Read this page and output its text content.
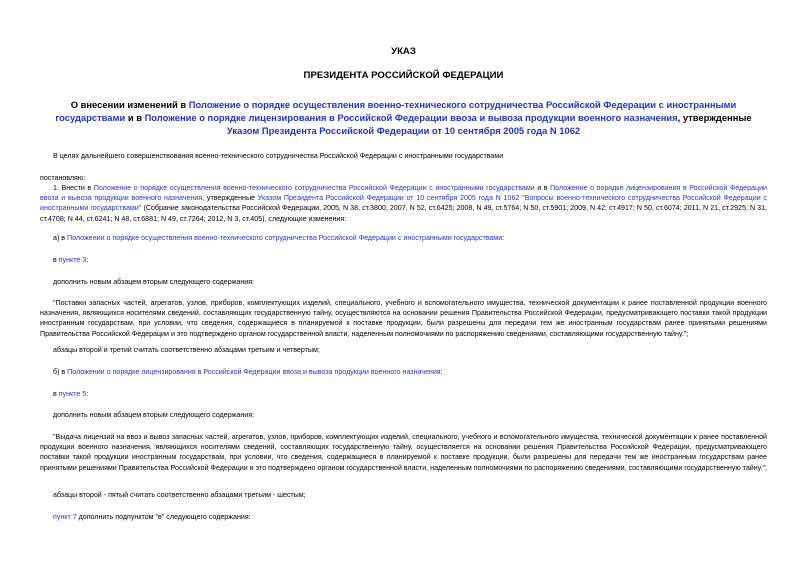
УКАЗ
ПРЕЗИДЕНТА РОССИЙСКОЙ ФЕДЕРАЦИИ
О внесении изменений в Положение о порядке осуществления военно-технического сотрудничества Российской Федерации с иностранными государствами и в Положение о порядке лицензирования в Российской Федерации ввоза и вывоза продукции военного назначения, утвержденные Указом Президента Российской Федерации от 10 сентября 2005 года N 1062
В целях дальнейшего совершенствования военно-технического сотрудничества Российской Федерации с иностранными государствами
постановляю:
1. Внести в Положение о порядке осуществления военно-технического сотрудничества Российской Федерации с иностранными государствами и в Положение о порядке лицензирования в Российской Федерации ввоза и вывоза продукции военного назначения, утвержденные Указом Президента Российской Федерации от 10 сентября 2005 года N 1062 "Вопросы военно-технического сотрудничества Российской Федерации с иностранными государствами" (Собрание законодательства Российской Федерации, 2005, N 38, ст.3800; 2007, N 52, ст.6425; 2008, N 49, ст.5764; N 50, ст.5901; 2009, N 42, ст.4917; N 50, ст.6074; 2011, N 21, ст.2925; N 31, ст.4708; N 44, ст.6241; N 48, ст.6881; N 49, ст.7264; 2012, N 3, ст.405), следующие изменения:
а) в Положении о порядке осуществления военно-технического сотрудничества Российской Федерации с иностранными государствами:
в пункте 3:
дополнить новым абзацем вторым следующего содержания:
"Поставки запасных частей, агрегатов, узлов, приборов, комплектующих изделий, специального, учебного и вспомогательного имущества, технической документации к ранее поставленной продукции военного назначения, являющихся носителями сведений, составляющих государственную тайну, осуществляются на основании решения Правительства Российской Федерации, предусматривающего поставки такой продукции иностранным государствам, при условии, что сведения, содержащиеся в планируемой к поставке продукции, были разрешены для передачи тем же иностранным государствам ранее принятыми решениями Правительства Российской Федерации и это подтверждено органом государственной власти, наделенным полномочиями по распоряжению сведениями, составляющими государственную тайну.";
абзацы второй и третий считать соответственно абзацами третьим и четвертым;
б) в Положении о порядке лицензирования в Российской Федерации ввоза и вывоза продукции военного назначения:
в пункте 5:
дополнить новым абзацем вторым следующего содержания:
"Выдача лицензий на ввоз и вывоз запасных частей, агрегатов, узлов, приборов, комплектующих изделий, специального, учебного и вспомогательного имущества, технической документации к ранее поставленной продукции военного назначения, являющихся носителями сведений, составляющих государственную тайну, осуществляется на основании решения Правительства Российской Федерации, предусматривающего поставки такой продукции иностранным государствам, при условии, что сведения, содержащиеся в планируемой к поставке продукции, были разрешены для передачи тем же иностранным государствам ранее принятыми решениями Правительства Российской Федерации и это подтверждено органом государственной власти, наделенным полномочиями по распоряжению сведениями, составляющими государственную тайну.";
абзацы второй - пятый считать соответственно абзацами третьим - шестым;
пункт 7 дополнить подпунктом "в" следующего содержания:
